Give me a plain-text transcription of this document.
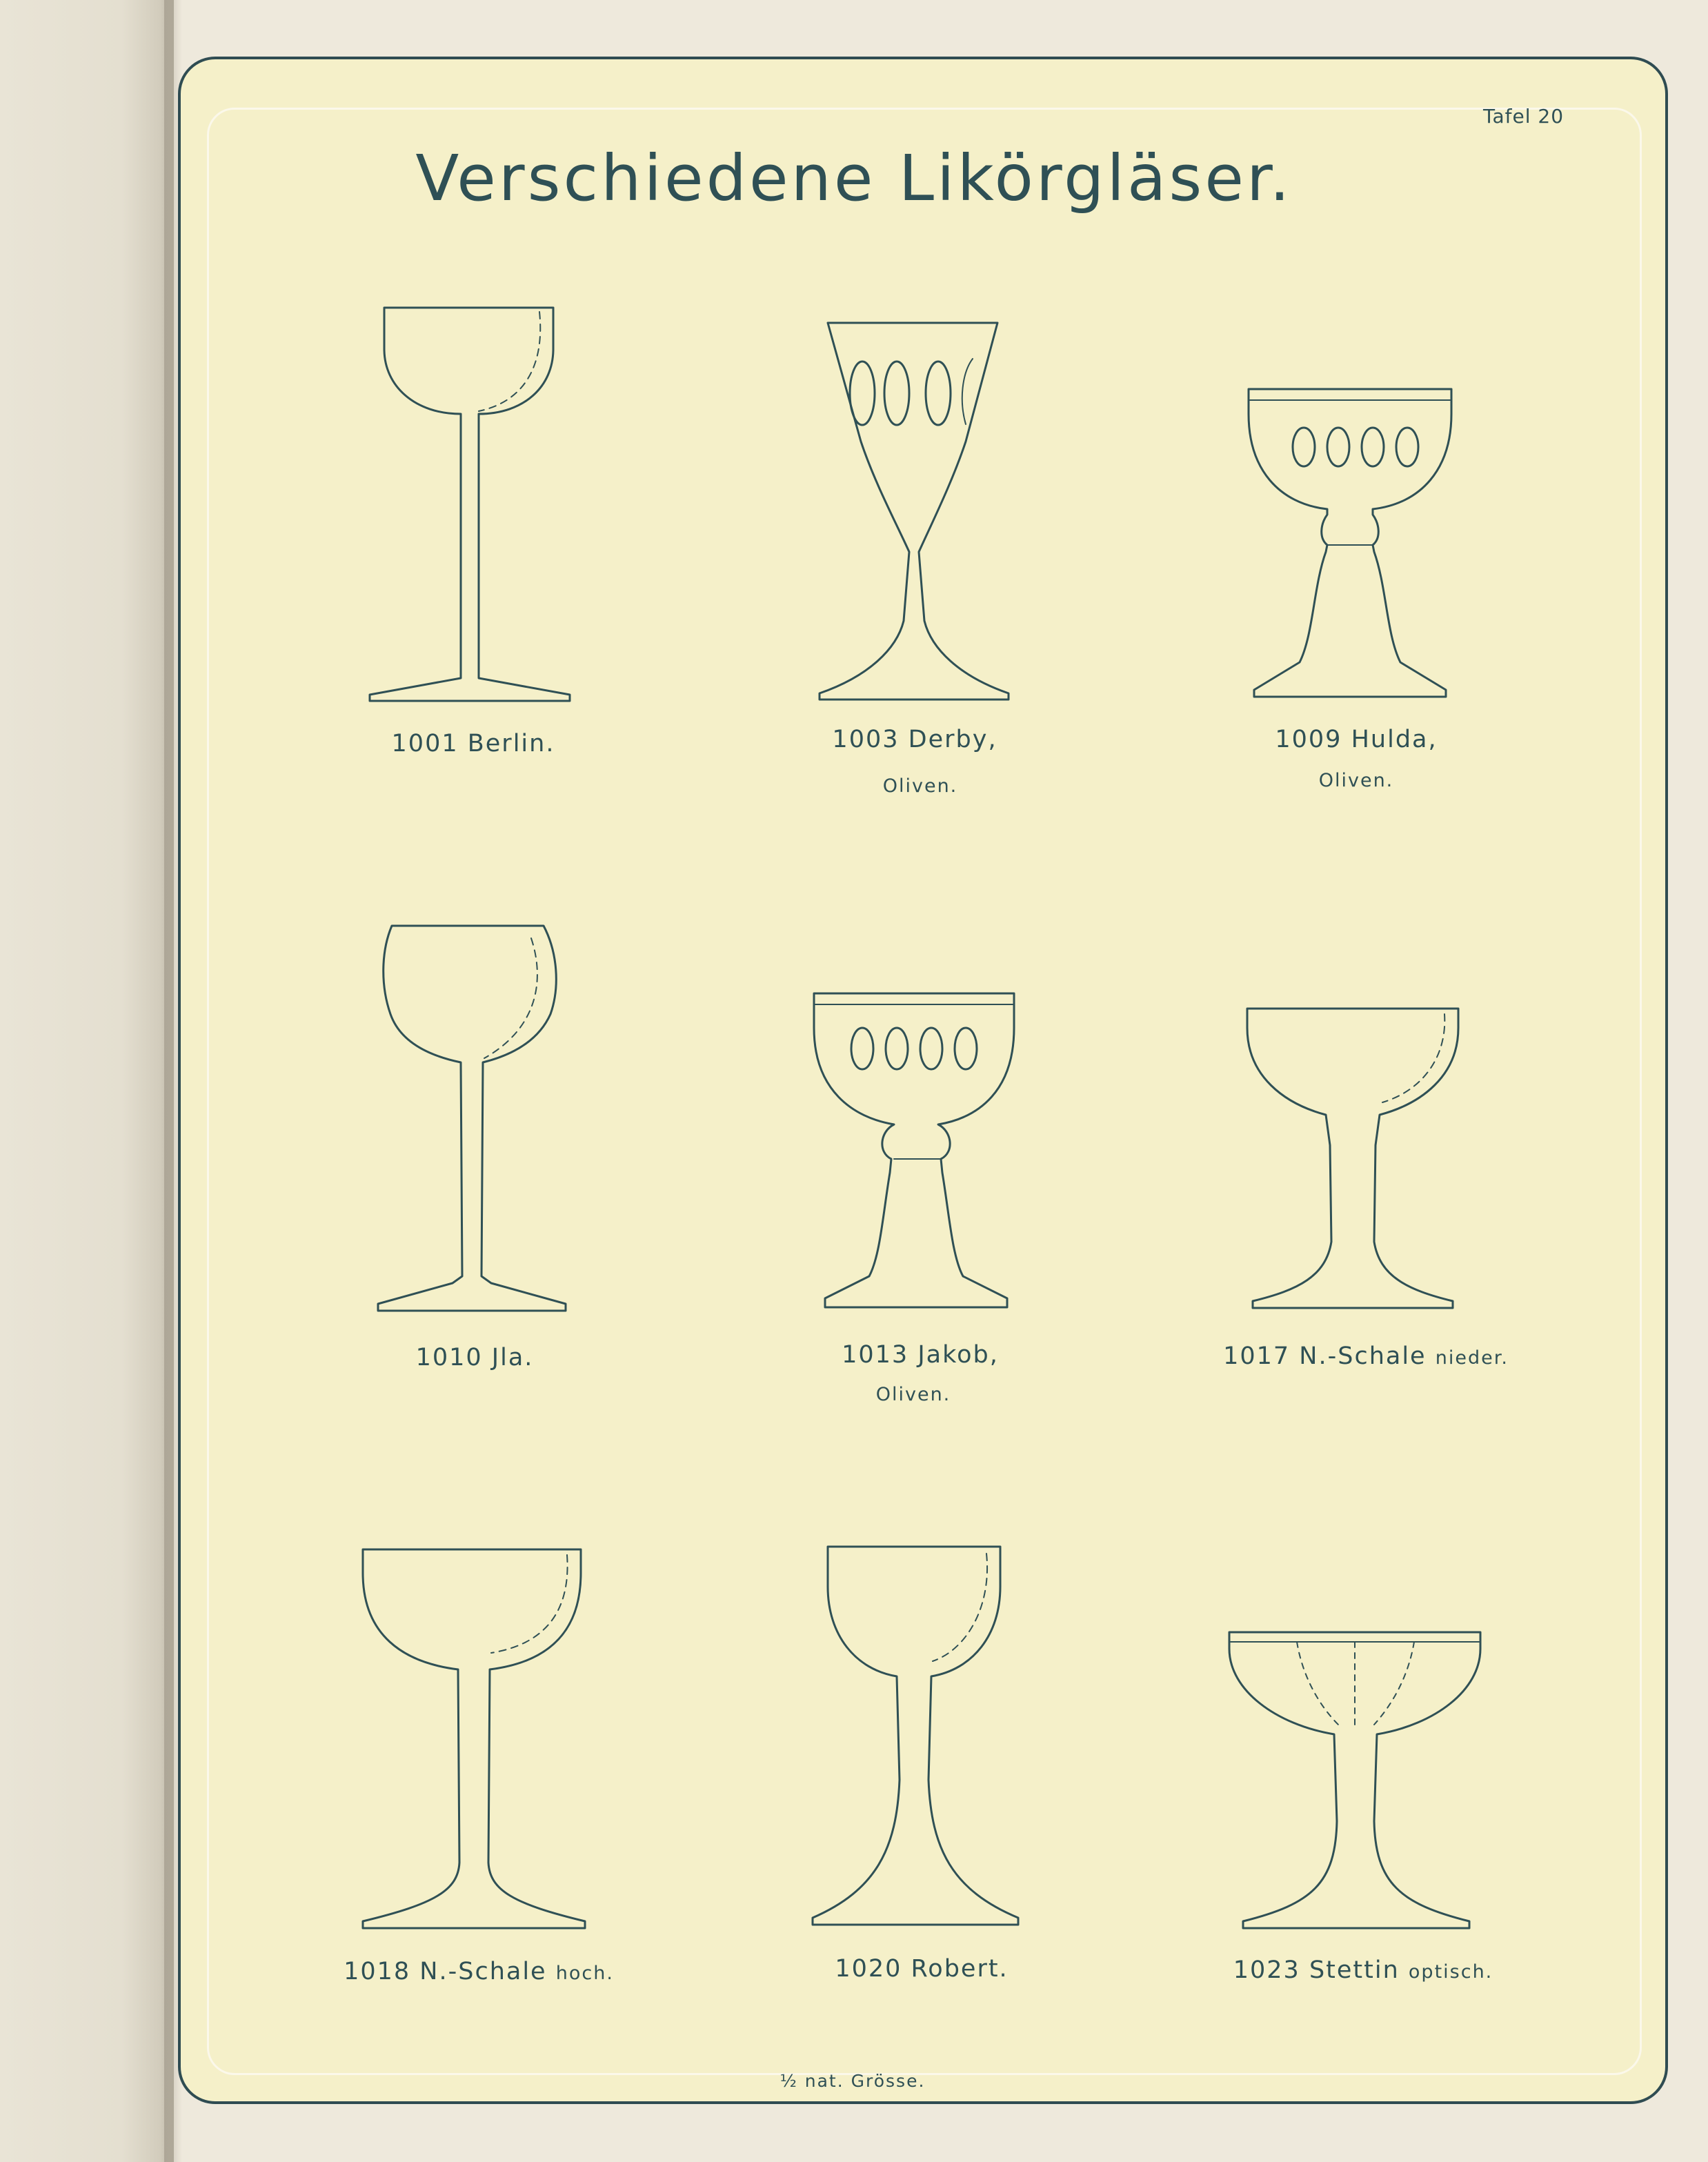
Tafel 20
Verschiedene Likörgläser.
1001 Berlin.	1003 Derby,
Oliven.
1009 Hulda,
Oliven.
1010 Jla.	1013 Jakob,
Oliven.
1017 N.-Schale nieder.
1018 N.-Schale hoch.	1020 Robert.	1023 Stettin optisch.
½ nat. Grösse.
